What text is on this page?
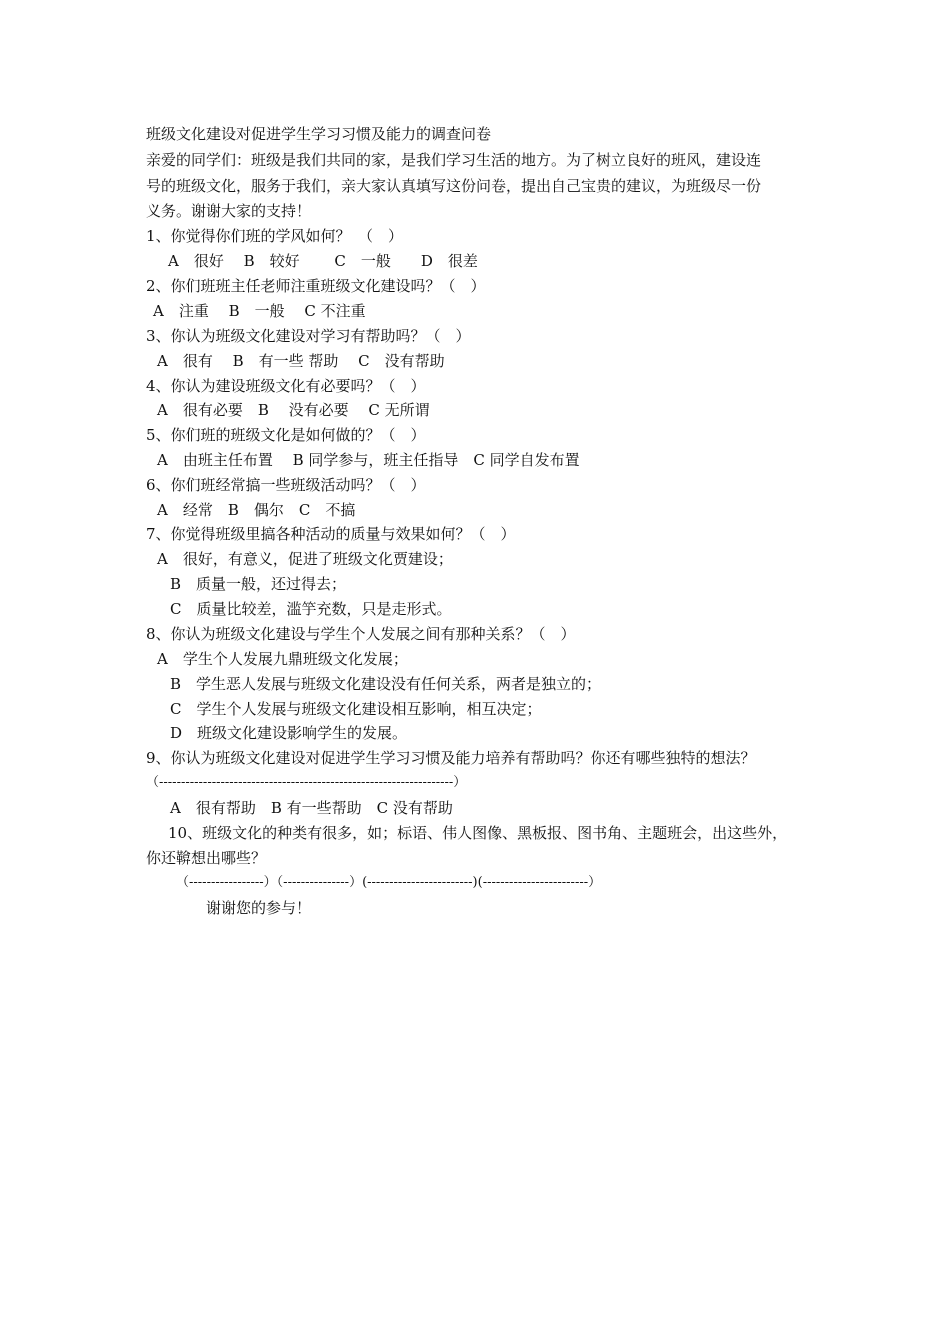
班级文化建设对促进学生学习习惯及能力的调查问卷
亲爱的同学们：班级是我们共同的家，是我们学习生活的地方。为了树立良好的班风，建设连
号的班级文化，服务于我们，亲大家认真填写这份问卷，提出自己宝贵的建议，为班级尽一份
义务。谢谢大家的支持！
1、你觉得你们班的学风如何？　（　）
A　很好　 B　较好　　 C　一般　　D　很差
2、你们班班主任老师注重班级文化建设吗？（　）
A　注重　 B　一般　 C 不注重
3、你认为班级文化建设对学习有帮助吗？（　）
A　很有　 B　有一些 帮助　 C　没有帮助
4、你认为建设班级文化有必要吗？（　）
A　很有必要　B　 没有必要　 C 无所谓
5、你们班的班级文化是如何做的？（　）
A　由班主任布置　 B 同学参与，班主任指导　C 同学自发布置
6、你们班经常搞一些班级活动吗？（　）
A　经常　B　偶尔　C　不搞
7、你觉得班级里搞各种活动的质量与效果如何？（　）
A　很好，有意义，促进了班级文化贾建设；
B　质量一般，还过得去；
C　质量比较差，滥竽充数，只是走形式。
8、你认为班级文化建设与学生个人发展之间有那种关系？（　）
A　学生个人发展九鼎班级文化发展；
B　学生恶人发展与班级文化建设没有任何关系，两者是独立的；
C　学生个人发展与班级文化建设相互影响，相互决定；
D　班级文化建设影响学生的发展。
9、你认为班级文化建设对促进学生学习习惯及能力培养有帮助吗？你还有哪些独特的想法？
（-------------------------------------------------------------------）
A　很有帮助　B 有一些帮助　C 没有帮助
10、班级文化的种类有很多，如；标语、伟人图像、黑板报、图书角、主题班会，出这些外，
你还鞥想出哪些？
（-----------------）（---------------）(------------------------)(------------------------）
谢谢您的参与！
